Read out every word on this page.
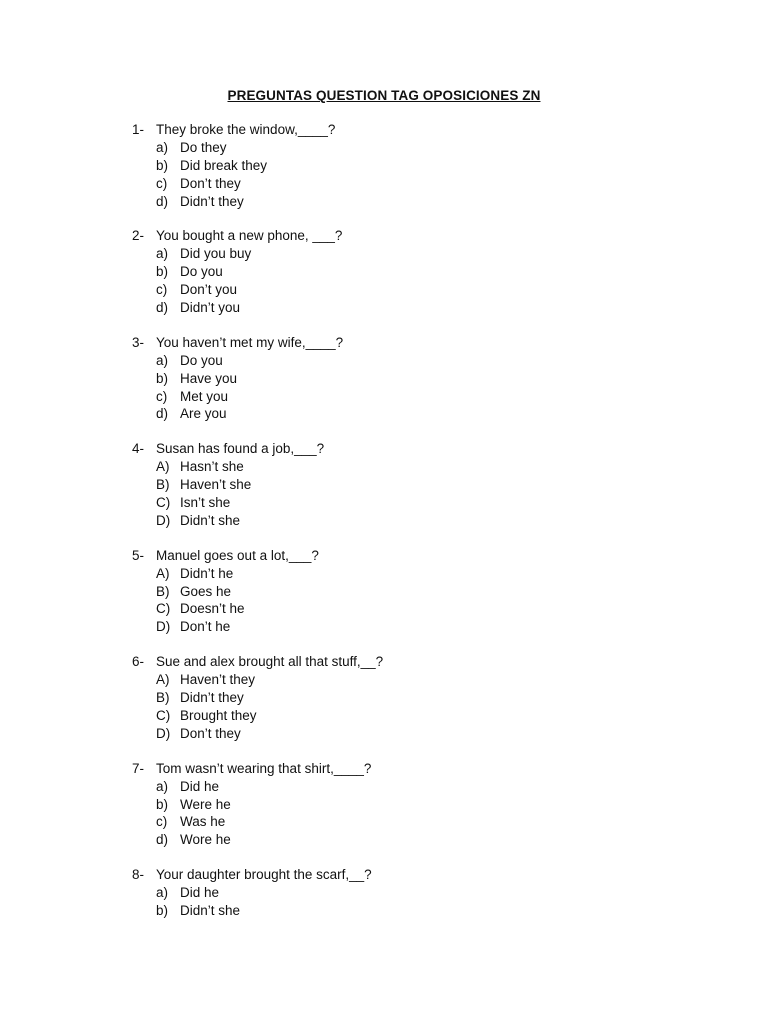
PREGUNTAS QUESTION TAG OPOSICIONES ZN
1- They broke the window,____?
a) Do they
b) Did break they
c) Don’t they
d) Didn’t they
2- You bought a new phone, ___?
a) Did you buy
b) Do you
c) Don’t you
d) Didn’t you
3- You haven’t met my wife,____?
a) Do you
b) Have you
c) Met you
d) Are you
4- Susan has found a job,___?
A) Hasn’t she
B) Haven’t she
C) Isn’t she
D) Didn’t she
5- Manuel goes out a lot,___?
A) Didn’t he
B) Goes he
C) Doesn’t he
D) Don’t he
6- Sue and alex brought all that stuff,__?
A) Haven’t they
B) Didn’t they
C) Brought they
D) Don’t they
7- Tom wasn’t wearing that shirt,____?
a) Did he
b) Were he
c) Was he
d) Wore he
8- Your daughter brought the scarf,__?
a) Did he
b) Didn’t she
